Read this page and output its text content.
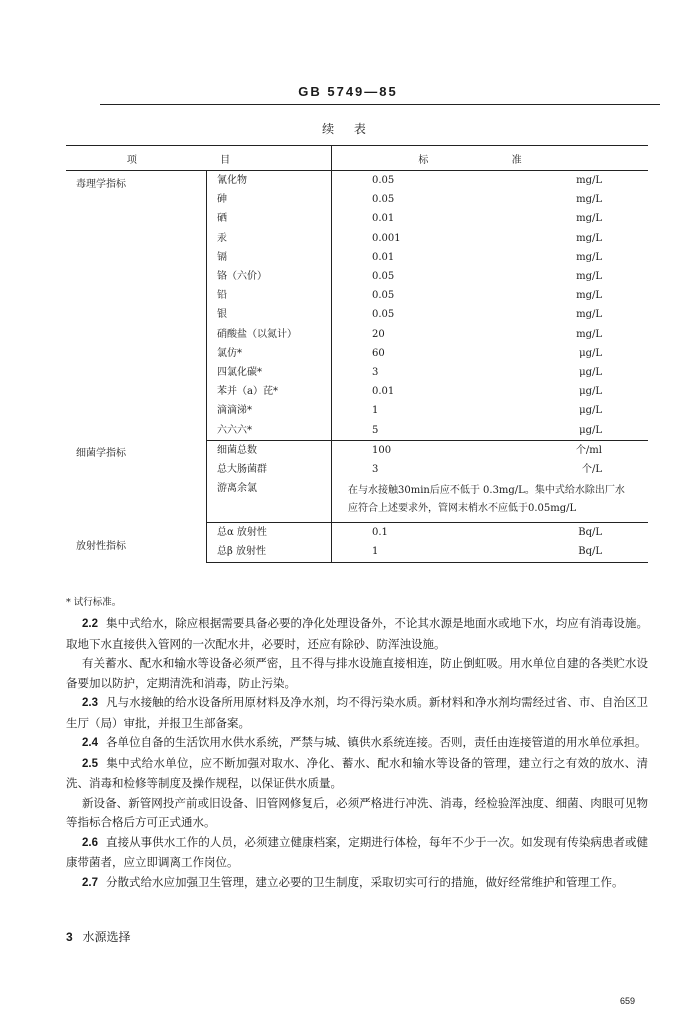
GB 5749—85
续 表
项 目		标 准	
毒理学指标	氰化物	0.05	mg/L
	砷	0.05	mg/L
	硒	0.01	mg/L
	汞	0.001	mg/L
	镉	0.01	mg/L
	铬（六价）	0.05	mg/L
	铅	0.05	mg/L
	银	0.05	mg/L
	硝酸盐（以氮计）	20	mg/L
	氯仿*	60	μg/L
	四氯化碳*	3	μg/L
	苯并（a）芘*	0.01	μg/L
	滴滴涕*	1	μg/L
	六六六*	5	μg/L
细菌学指标	细菌总数	100	个/ml
	总大肠菌群	3	个/L
	游离余氯	在与水接触30min后应不低于 0.3mg/L。集中式给水除出厂水应符合上述要求外，管网末梢水不应低于0.05mg/L	
放射性指标	总α 放射性	0.1	Bq/L
	总β 放射性	1	Bq/L
* 试行标准。

2.2 集中式给水，除应根据需要具备必要的净化处理设备外，不论其水源是地面水或地下水，均应有消毒设施。取地下水直接供入管网的一次配水井，必要时，还应有除砂、防浑浊设施。

有关蓄水、配水和输水等设备必须严密，且不得与排水设施直接相连，防止倒虹吸。用水单位自建的各类贮水设备要加以防护，定期清洗和消毒，防止污染。

2.3 凡与水接触的给水设备所用原材料及净水剂，均不得污染水质。新材料和净水剂均需经过省、市、自治区卫生厅（局）审批，并报卫生部备案。

2.4 各单位自备的生活饮用水供水系统，严禁与城、镇供水系统连接。否则，责任由连接管道的用水单位承担。

2.5 集中式给水单位，应不断加强对取水、净化、蓄水、配水和输水等设备的管理，建立行之有效的放水、清洗、消毒和检修等制度及操作规程，以保证供水质量。

新设备、新管网投产前或旧设备、旧管网修复后，必须严格进行冲洗、消毒，经检验浑浊度、细菌、肉眼可见物等指标合格后方可正式通水。

2.6 直接从事供水工作的人员，必须建立健康档案，定期进行体检，每年不少于一次。如发现有传染病患者或健康带菌者，应立即调离工作岗位。

2.7 分散式给水应加强卫生管理，建立必要的卫生制度，采取切实可行的措施，做好经常维护和管理工作。

3 水源选择
659
